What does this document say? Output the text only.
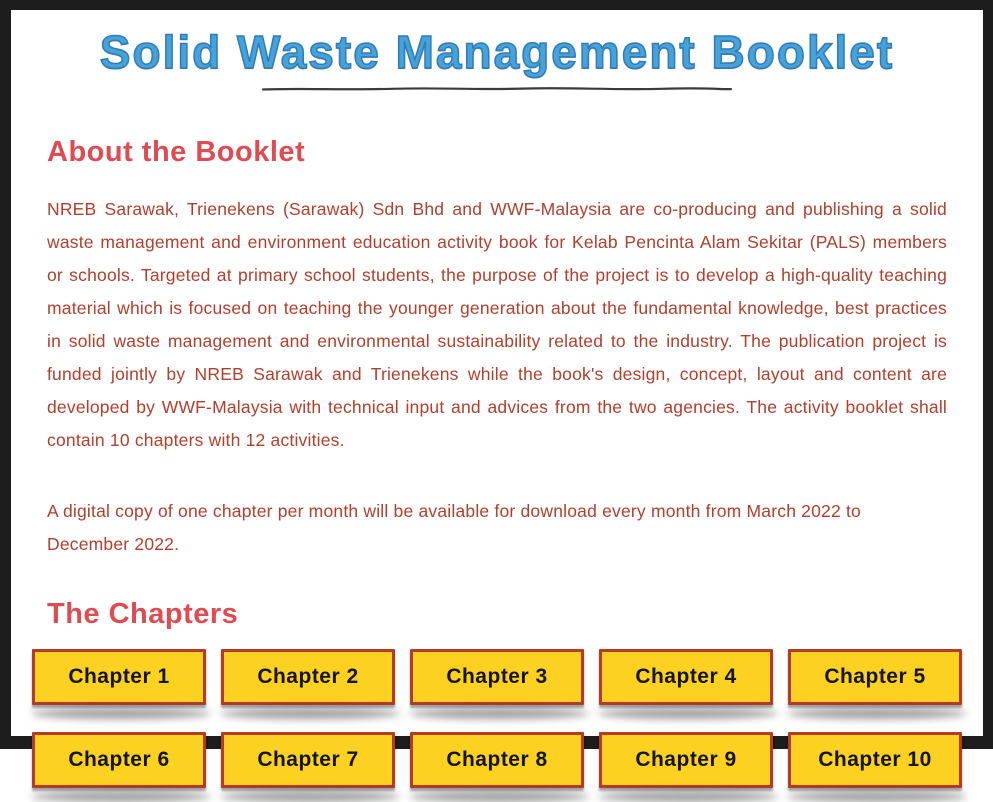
Solid Waste Management Booklet
About the Booklet

NREB Sarawak, Trienekens (Sarawak) Sdn Bhd and WWF-Malaysia are co-producing and publishing a solid waste management and environment education activity book for Kelab Pencinta Alam Sekitar (PALS) members or schools. Targeted at primary school students, the purpose of the project is to develop a high-quality teaching material which is focused on teaching the younger generation about the fundamental knowledge, best practices in solid waste management and environmental sustainability related to the industry. The publication project is funded jointly by NREB Sarawak and Trienekens while the book's design, concept, layout and content are developed by WWF-Malaysia with technical input and advices from the two agencies. The activity booklet shall contain 10 chapters with 12 activities.

A digital copy of one chapter per month will be available for download every month from March 2022 to December 2022.

The Chapters
Chapter 1	Chapter 2	Chapter 3	Chapter 4	Chapter 5
Chapter 6	Chapter 7	Chapter 8	Chapter 9	Chapter 10
